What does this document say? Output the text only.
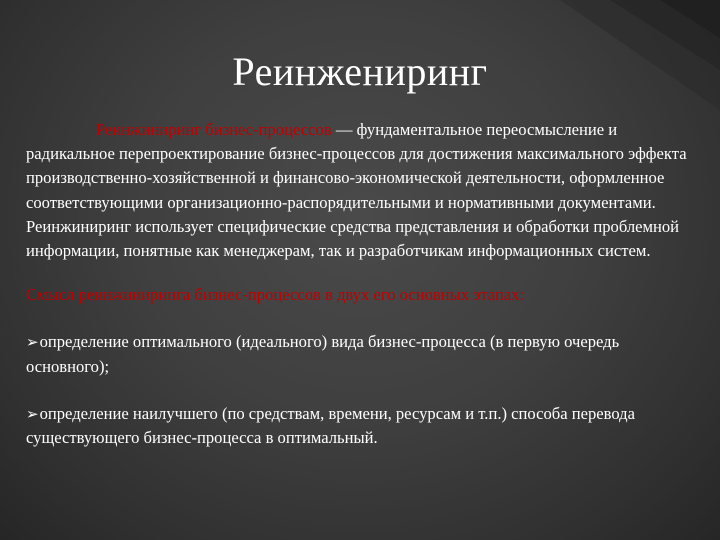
Реинжениринг

Реинжиниринг бизнес-процессов — фундаментальное переосмысление и радикальное перепроектирование бизнес-процессов для достижения максимального эффекта производственно-хозяйственной и финансово-экономической деятельности, оформленное соответствующими организационно-распорядительными и нормативными документами. Реинжиниринг использует специфические средства представления и обработки проблемной информации, понятные как менеджерам, так и разработчикам информационных систем.

Смысл реинжиниринга бизнес-процессов в двух его основных этапах:

➢определение оптимального (идеального) вида бизнес-процесса (в первую очередь основного);

➢определение наилучшего (по средствам, времени, ресурсам и т.п.) способа перевода существующего бизнес-процесса в оптимальный.
